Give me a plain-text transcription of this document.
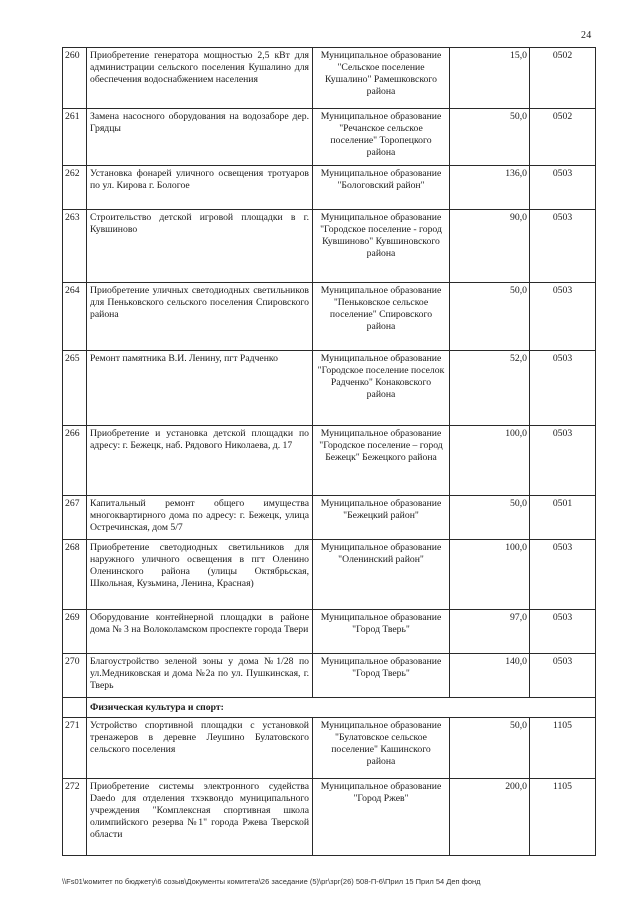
24
260	Приобретение генератора мощностью 2,5 кВт для администрации сельского поселения Кушалино для обеспечения водоснабжением населения	Муниципальное образование "Сельское поселение Кушалино" Рамешковского района	15,0	0502
261	Замена насосного оборудования на водозаборе дер. Грядцы	Муниципальное образование "Речанское сельское поселение" Торопецкого района	50,0	0502
262	Установка фонарей уличного освещения тротуаров по ул. Кирова г. Бологое	Муниципальное образование "Бологовский район"	136,0	0503
263	Строительство детской игровой площадки в г. Кувшиново	Муниципальное образование "Городское поселение - город Кувшиново" Кувшиновского района	90,0	0503
264	Приобретение уличных светодиодных светильников для Пеньковского сельского поселения Спировского района	Муниципальное образование "Пеньковское сельское поселение" Спировского района	50,0	0503
265	Ремонт памятника В.И. Ленину, пгт Радченко	Муниципальное образование "Городское поселение поселок Радченко" Конаковского района	52,0	0503
266	Приобретение и установка детской площадки по адресу: г. Бежецк, наб. Рядового Николаева, д. 17	Муниципальное образование "Городское поселение – город Бежецк" Бежецкого района	100,0	0503
267	Капитальный ремонт общего имущества многоквартирного дома по адресу: г. Бежецк, улица Остречинская, дом 5/7	Муниципальное образование "Бежецкий район"	50,0	0501
268	Приобретение светодиодных светильников для наружного уличного освещения в пгт Оленино Оленинского района (улицы Октябрьская, Школьная, Кузьмина, Ленина, Красная)	Муниципальное образование "Оленинский район"	100,0	0503
269	Оборудование контейнерной площадки в районе дома № 3 на Волоколамском проспекте города Твери	Муниципальное образование "Город Тверь"	97,0	0503
270	Благоустройство зеленой зоны у дома №1/28 по ул.Медниковская и дома №2а по ул. Пушкинская, г. Тверь	Муниципальное образование "Город Тверь"	140,0	0503
	Физическая культура и спорт:			
271	Устройство спортивной площадки с установкой тренажеров в деревне Леушино Булатовского сельского поселения	Муниципальное образование "Булатовское сельское поселение" Кашинского района	50,0	1105
272	Приобретение системы электронного судейства Daedo для отделения тхэквондо муниципального учреждения "Комплексная спортивная школа олимпийского резерва №1" города Ржева Тверской области	Муниципальное образование "Город Ржев"	200,0	1105
\\Fs01\комитет по бюджету\6 созыв\Документы комитета\26 заседание (5)\рг\зрг(26) 508-П-6\Прил 15 Прил 54 Деп фонд
